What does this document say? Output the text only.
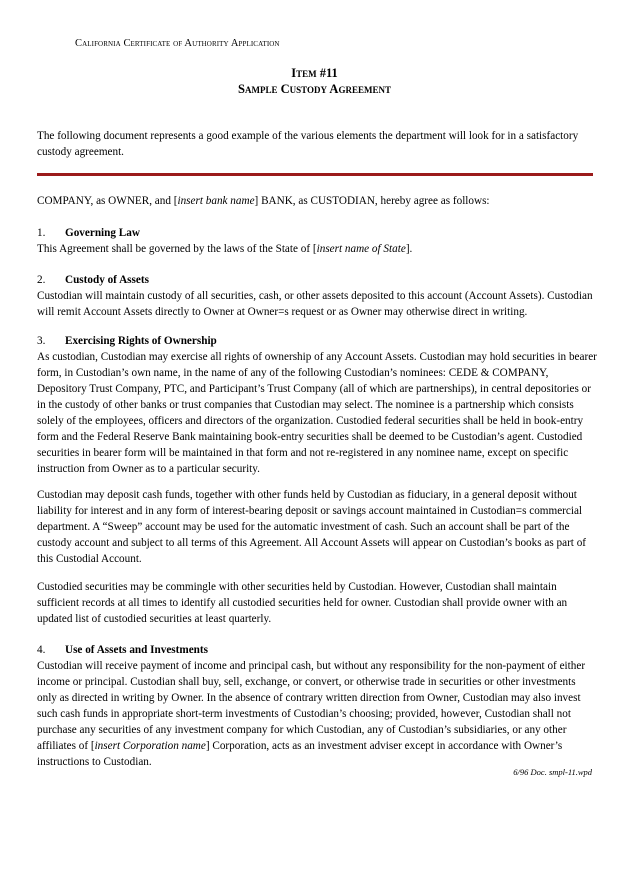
California Certificate of Authority Application
Item #11
Sample Custody Agreement
The following document represents a good example of the various elements the department will look for in a satisfactory custody agreement.
COMPANY, as OWNER, and [insert bank name] BANK, as CUSTODIAN, hereby agree as follows:
1. Governing Law
This Agreement shall be governed by the laws of the State of [insert name of State].
2. Custody of Assets
Custodian will maintain custody of all securities, cash, or other assets deposited to this account (Account Assets). Custodian will remit Account Assets directly to Owner at Owner=s request or as Owner may otherwise direct in writing.
3. Exercising Rights of Ownership
As custodian, Custodian may exercise all rights of ownership of any Account Assets. Custodian may hold securities in bearer form, in Custodian’s own name, in the name of any of the following Custodian’s nominees: CEDE & COMPANY, Depository Trust Company, PTC, and Participant’s Trust Company (all of which are partnerships), in central depositories or in the custody of other banks or trust companies that Custodian may select. The nominee is a partnership which consists solely of the employees, officers and directors of the organization. Custodied federal securities shall be held in book-entry form and the Federal Reserve Bank maintaining book-entry securities shall be deemed to be Custodian’s agent. Custodied securities in bearer form will be maintained in that form and not re-registered in any nominee name, except on specific instruction from Owner as to a particular security.
Custodian may deposit cash funds, together with other funds held by Custodian as fiduciary, in a general deposit without liability for interest and in any form of interest-bearing deposit or savings account maintained in Custodian=s commercial department. A “Sweep” account may be used for the automatic investment of cash. Such an account shall be part of the custody account and subject to all terms of this Agreement. All Account Assets will appear on Custodian’s books as part of this Custodial Account.
Custodied securities may be commingle with other securities held by Custodian. However, Custodian shall maintain sufficient records at all times to identify all custodied securities held for owner. Custodian shall provide owner with an updated list of custodied securities at least quarterly.
4. Use of Assets and Investments
Custodian will receive payment of income and principal cash, but without any responsibility for the non-payment of either income or principal. Custodian shall buy, sell, exchange, or convert, or otherwise trade in securities or other investments only as directed in writing by Owner. In the absence of contrary written direction from Owner, Custodian may also invest such cash funds in appropriate short-term investments of Custodian’s choosing; provided, however, Custodian shall not purchase any securities of any investment company for which Custodian, any of Custodian’s subsidiaries, or any other affiliates of [insert Corporation name] Corporation, acts as an investment adviser except in accordance with Owner’s instructions to Custodian.
6/96 Doc. smpl-11.wpd
